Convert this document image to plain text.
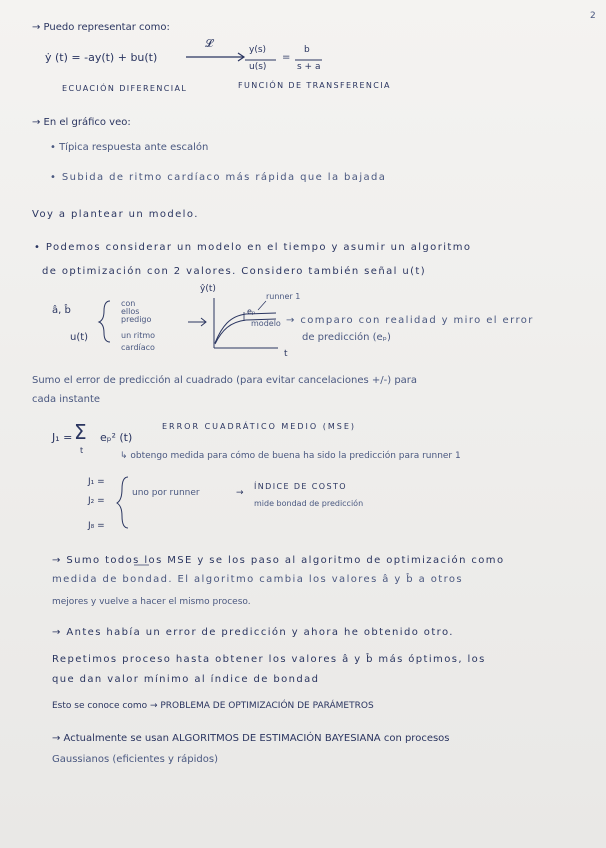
2
→ Puedo representar como:
ẏ (t) = -ay(t) + bu(t)
𝓛	y(s)
u(s)
=
b
s + a
ECUACIÓN DIFERENCIAL	FUNCIÓN DE TRANSFERENCIA
→ En el gráfico veo:
• Típica respuesta ante escalón
• Subida de ritmo cardíaco más rápida que la bajada
Voy a plantear un modelo.
• Podemos considerar un modelo en el tiempo y asumir un algoritmo
de optimización con 2 valores. Considero también señal u(t)
â, b̂
con
ellos
predigo
un ritmo
cardíaco
u(t)
ŷ(t)
runner 1
eₚ
modelo
t
→ comparo con realidad y miro el error
de predicción (eₚ)
Sumo el error de predicción al cuadrado (para evitar cancelaciones +/-) para
cada instante
J₁ = Σ
t
eₚ² (t)
ERROR CUADRÁTICO MEDIO (MSE)
↳ obtengo medida para cómo de buena ha sido la predicción para runner 1
J₁ =
J₂ =
J₈ =
uno por runner	→
ÍNDICE DE COSTO
mide bondad de predicción
→ Sumo todos los MSE y se los paso al algoritmo de optimización como
medida de bondad. El algoritmo cambia los valores â y b̂ a otros
mejores y vuelve a hacer el mismo proceso.
→ Antes había un error de predicción y ahora he obtenido otro.
Repetimos proceso hasta obtener los valores â y b̂ más óptimos, los
que dan valor mínimo al índice de bondad
Esto se conoce como → PROBLEMA DE OPTIMIZACIÓN DE PARÁMETROS
→ Actualmente se usan ALGORITMOS DE ESTIMACIÓN BAYESIANA con procesos
Gaussianos (eficientes y rápidos)
